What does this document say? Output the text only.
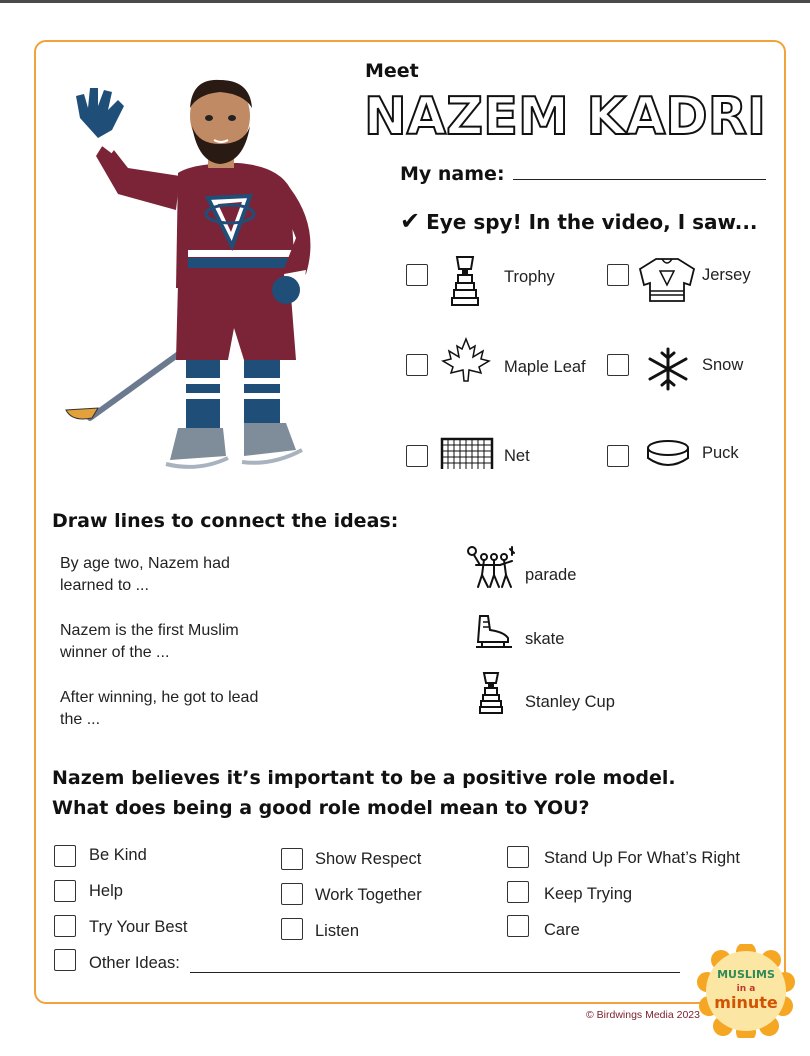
Meet
NAZEM KADRI
My name:
✔ Eye spy! In the video, I saw...
Trophy	Jersey
Maple Leaf	Snow
Net	Puck
Draw lines to connect the ideas:
By age two, Nazem had learned to ...
Nazem is the first Muslim winner of the ...
After winning, he got to lead the ...
parade
skate
Stanley Cup
Nazem believes it’s important to be a positive role model.
What does being a good role model mean to YOU?
Be Kind
Help
Try Your Best
Show Respect
Work Together
Listen
Stand Up For What’s Right
Keep Trying
Care
Other Ideas:
© Birdwings Media 2023
MUSLIMS
in a
minute
